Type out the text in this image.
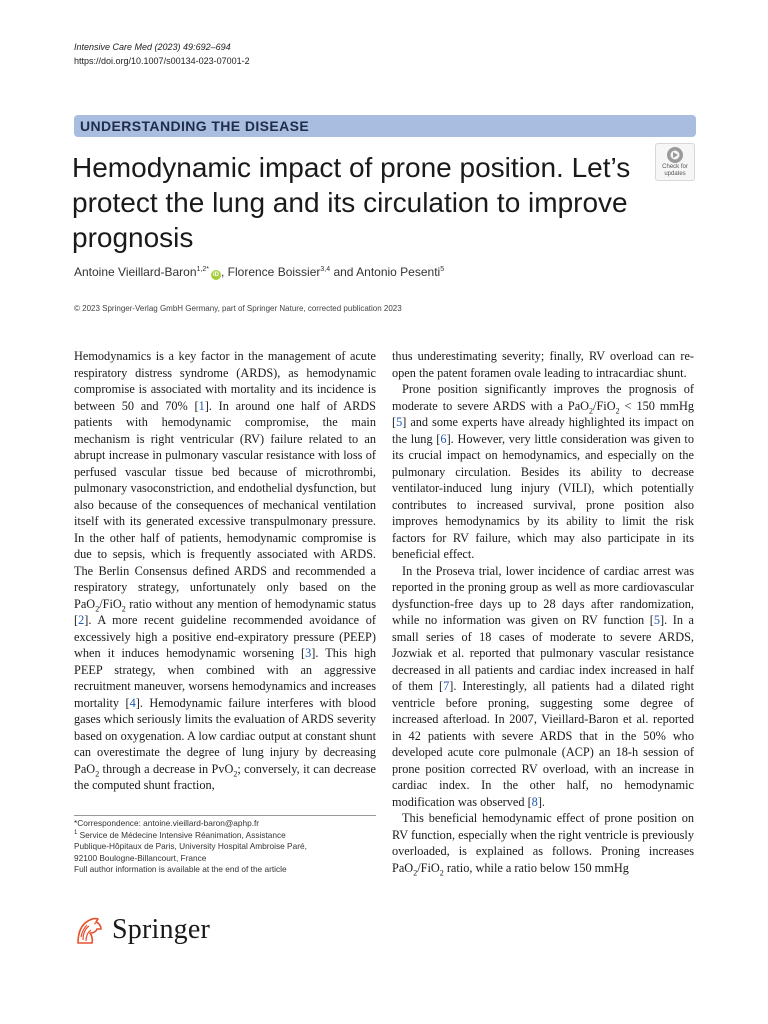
Intensive Care Med (2023) 49:692–694
https://doi.org/10.1007/s00134-023-07001-2
UNDERSTANDING THE DISEASE
Hemodynamic impact of prone position. Let’s protect the lung and its circulation to improve prognosis
Check for
updates
Antoine Vieillard-Baron$^{1,2*}$iD , Florence Boissier$^{3,4}$ and Antonio Pesenti$^5$
© 2023 Springer-Verlag GmbH Germany, part of Springer Nature, corrected publication 2023

Hemodynamics is a key factor in the management of acute respiratory distress syndrome (ARDS), as hemodynamic compromise is associated with mortality and its incidence is between 50 and 70% [1]. In around one half of ARDS patients with hemodynamic compromise, the main mechanism is right ventricular (RV) failure related to an abrupt increase in pulmonary vascular resistance with loss of perfused vascular tissue bed because of microthrombi, pulmonary vasoconstriction, and endothelial dysfunction, but also because of the consequences of mechanical ventilation itself with its generated excessive transpulmonary pressure. In the other half of patients, hemodynamic compromise is due to sepsis, which is frequently associated with ARDS. The Berlin Consensus defined ARDS and recommended a respiratory strategy, unfortunately only based on the PaO$_2$/FiO$_2$ ratio without any mention of hemodynamic status [2]. A more recent guideline recommended avoidance of excessively high a positive end-expiratory pressure (PEEP) when it induces hemodynamic worsening [3]. This high PEEP strategy, when combined with an aggressive recruitment maneuver, worsens hemodynamics and increases mortality [4]. Hemodynamic failure interferes with blood gases which seriously limits the evaluation of ARDS severity based on oxygenation. A low cardiac output at constant shunt can overestimate the degree of lung injury by decreasing PaO$_2$ through a decrease in PvO$_2$; conversely, it can decrease the computed shunt fraction,

thus underestimating severity; finally, RV overload can re-open the patent foramen ovale leading to intracardiac shunt.

Prone position significantly improves the prognosis of moderate to severe ARDS with a PaO$_2$/FiO$_2$ < 150 mmHg [5] and some experts have already highlighted its impact on the lung [6]. However, very little consideration was given to its crucial impact on hemodynamics, and especially on the pulmonary circulation. Besides its ability to decrease ventilator-induced lung injury (VILI), which potentially contributes to increased survival, prone position also improves hemodynamics by its ability to limit the risk factors for RV failure, which may also participate in its beneficial effect.

In the Proseva trial, lower incidence of cardiac arrest was reported in the proning group as well as more cardiovascular dysfunction-free days up to 28 days after randomization, while no information was given on RV function [5]. In a small series of 18 cases of moderate to severe ARDS, Jozwiak et al. reported that pulmonary vascular resistance decreased in all patients and cardiac index increased in half of them [7]. Interestingly, all patients had a dilated right ventricle before proning, suggesting some degree of increased afterload. In 2007, Vieillard-Baron et al. reported in 42 patients with severe ARDS that in the 50% who developed acute core pulmonale (ACP) an 18-h session of prone position corrected RV overload, with an increase in cardiac index. In the other half, no hemodynamic modification was observed [8].

This beneficial hemodynamic effect of prone position on RV function, especially when the right ventricle is previously overloaded, is explained as follows. Proning increases PaO$_2$/FiO$_2$ ratio, while a ratio below 150 mmHg

*Correspondence: antoine.vieillard-baron@aphp.fr
$^1$ Service de Médecine Intensive Réanimation, Assistance
Publique-Hôpitaux de Paris, University Hospital Ambroise Paré,
92100 Boulogne-Billancourt, France
Full author information is available at the end of the article
Springer
